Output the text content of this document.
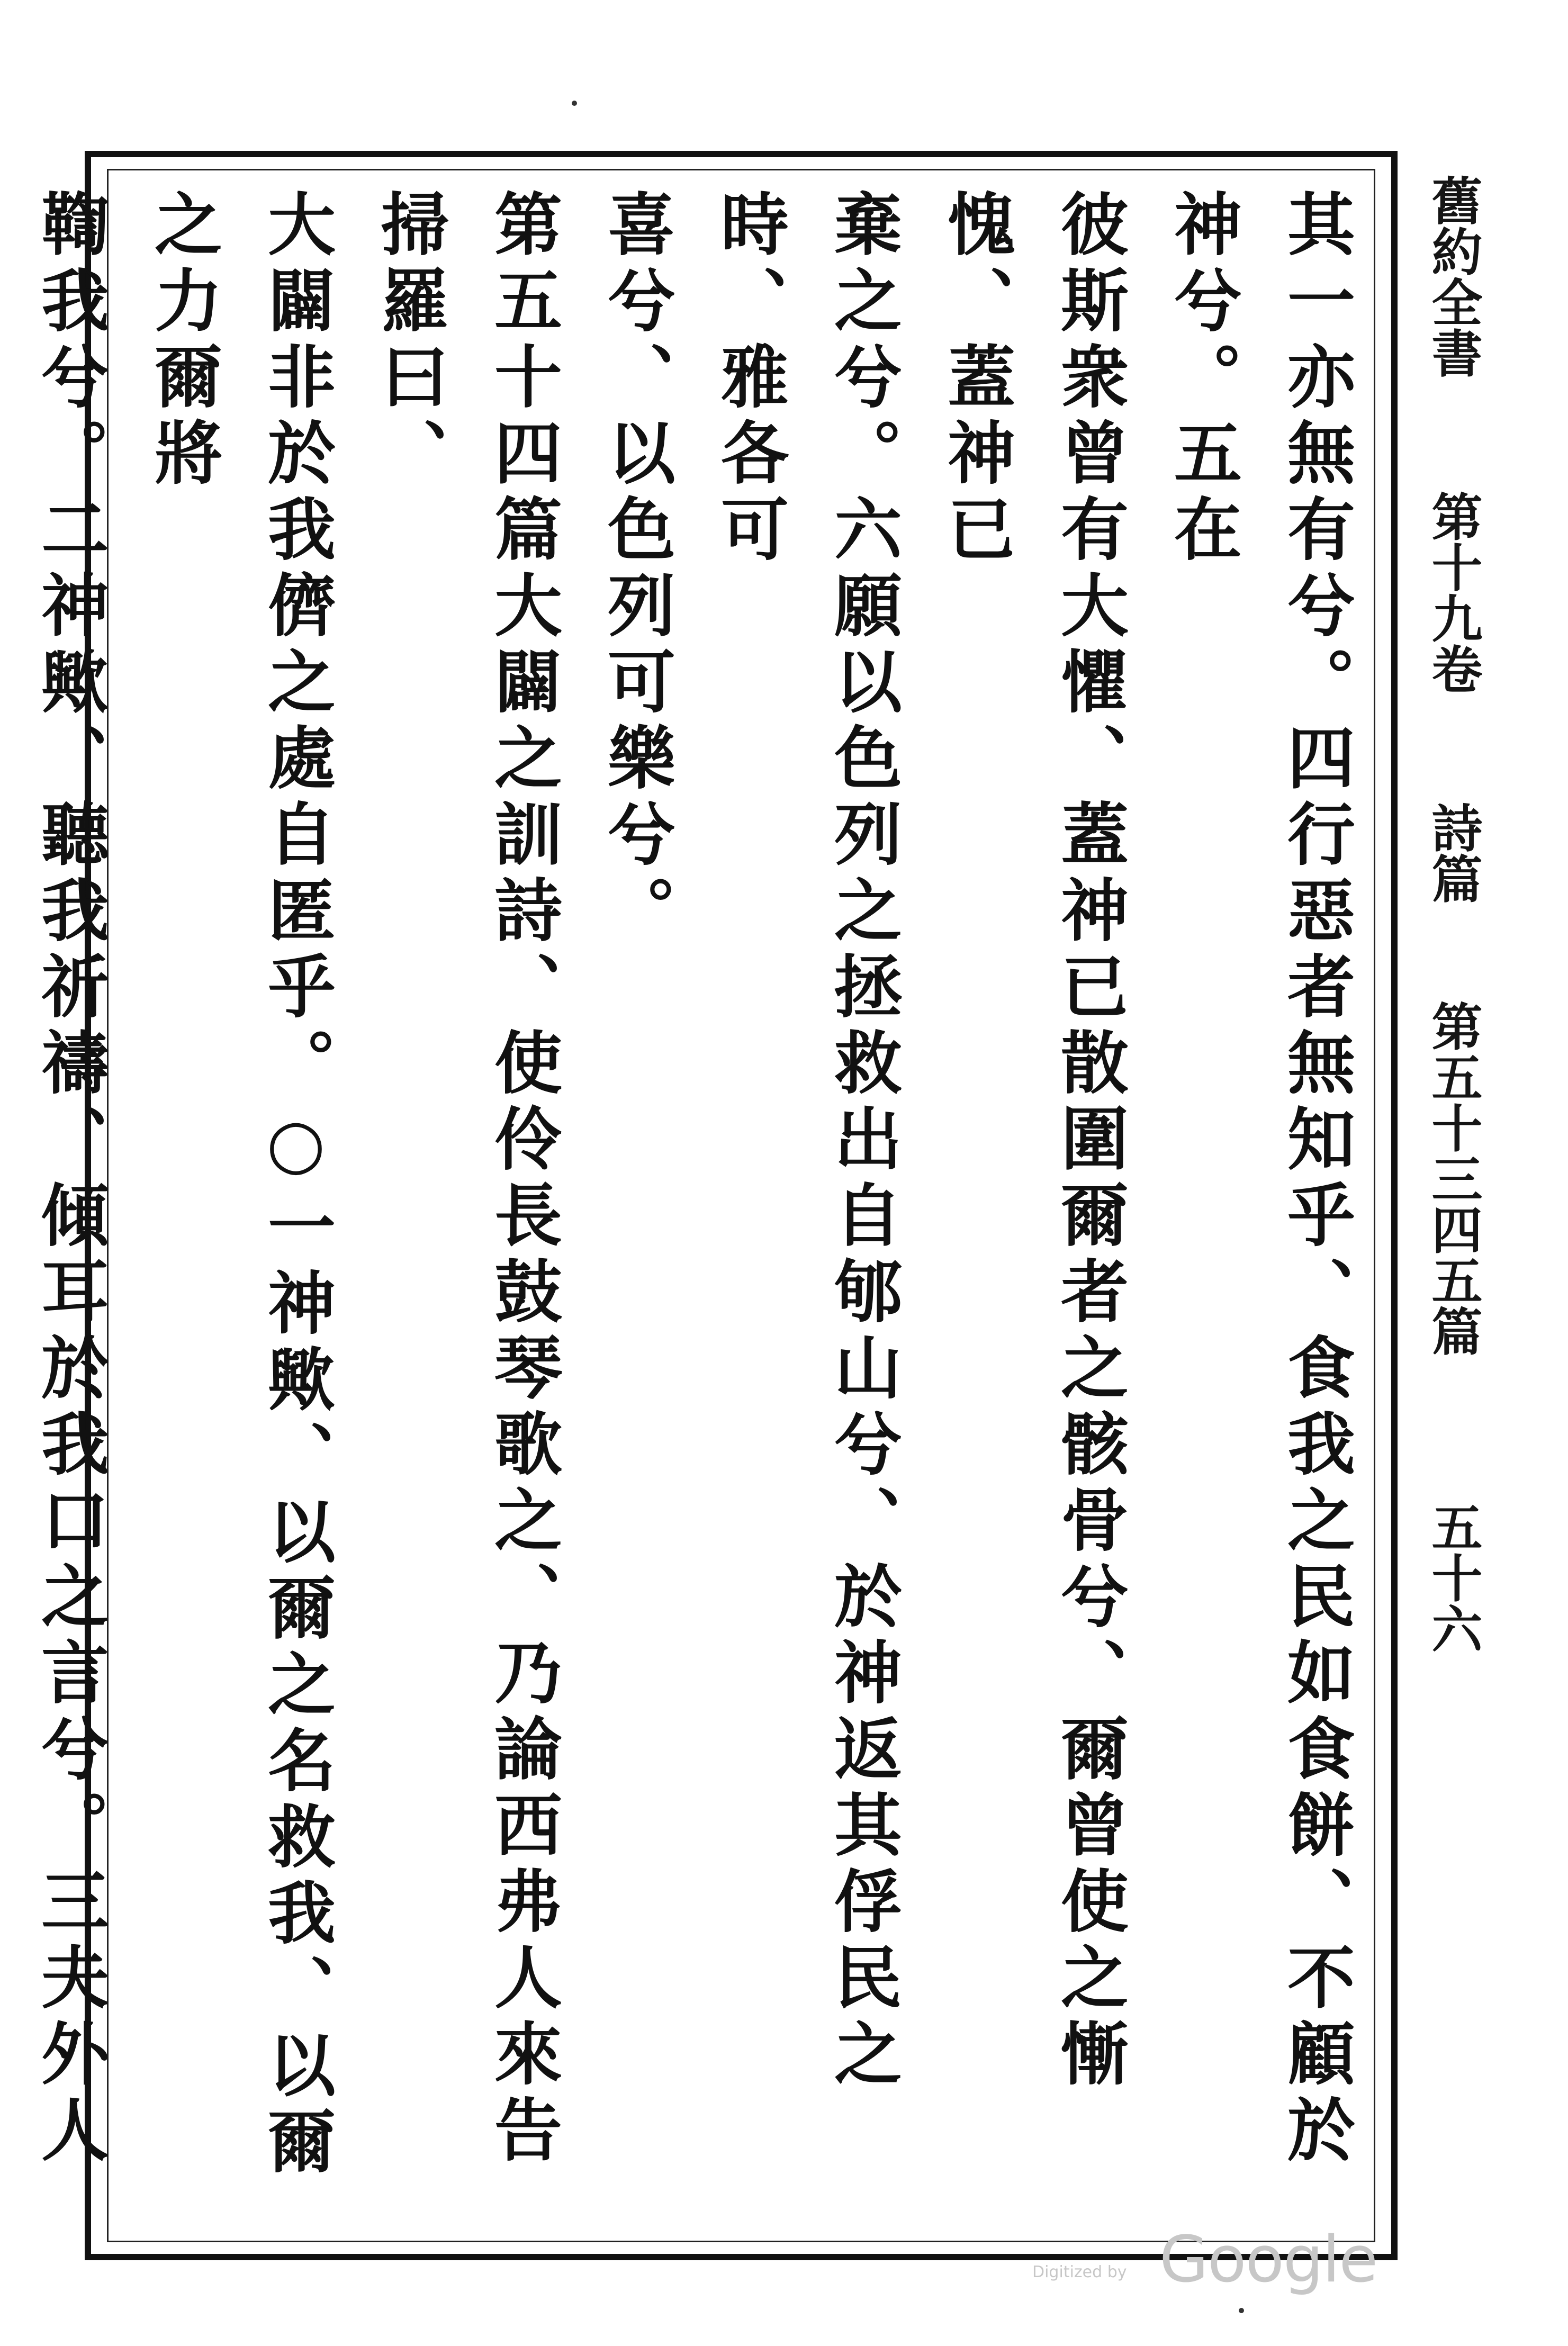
舊約全書 第十九卷 詩篇 第五十三四五篇 五十六
其一亦無有兮。四行惡者無知乎、食我之民如食餅、不顧於神兮。五在
彼斯衆曾有大懼、蓋神已散圍爾者之骸骨兮、爾曾使之慚愧、蓋神已
棄之兮。六願以色列之拯救出自郇山兮、於神返其俘民之時、雅各可
喜兮、以色列可樂兮。
第五十四篇大闢之訓詩、使伶長鼓琴歌之、乃論西弗人來告掃羅曰、
大闢非於我儕之處自匿乎。○一神歟、以爾之名救我、以爾之力爾將
鞫我兮。二神歟、聽我祈禱、傾耳於我口之言兮。三夫外人
Digitized by Google
